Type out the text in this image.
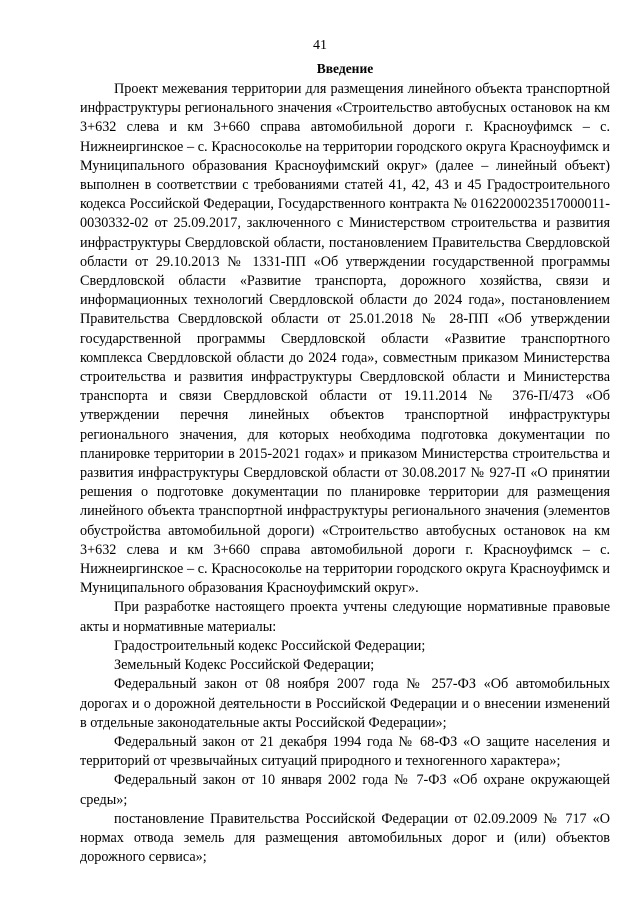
41
Введение

Проект межевания территории для размещения линейного объекта транспортной инфраструктуры регионального значения «Строительство автобусных остановок на км 3+632 слева и км 3+660 справа автомобильной дороги г. Красноуфимск – с. Нижнеиргинское – с. Красносоколье на территории городского округа Красноуфимск и Муниципального образования Красноуфимский округ» (далее – линейный объект) выполнен в соответствии с требованиями статей 41, 42, 43 и 45 Градостроительного кодекса Российской Федерации, Государственного контракта № 0162200023517000011-0030332-02 от 25.09.2017, заключенного с Министерством строительства и развития инфраструктуры Свердловской области, постановлением Правительства Свердловской области от 29.10.2013 № 1331-ПП «Об утверждении государственной программы Свердловской области «Развитие транспорта, дорожного хозяйства, связи и информационных технологий Свердловской области до 2024 года», постановлением Правительства Свердловской области от 25.01.2018 № 28-ПП «Об утверждении государственной программы Свердловской области «Развитие транспортного комплекса Свердловской области до 2024 года», совместным приказом Министерства строительства и развития инфраструктуры Свердловской области и Министерства транспорта и связи Свердловской области от 19.11.2014 № 376-П/473 «Об утверждении перечня линейных объектов транспортной инфраструктуры регионального значения, для которых необходима подготовка документации по планировке территории в 2015-2021 годах» и приказом Министерства строительства и развития инфраструктуры Свердловской области от 30.08.2017 № 927-П «О принятии решения о подготовке документации по планировке территории для размещения линейного объекта транспортной инфраструктуры регионального значения (элементов обустройства автомобильной дороги) «Строительство автобусных остановок на км 3+632 слева и км 3+660 справа автомобильной дороги г. Красноуфимск – с. Нижнеиргинское – с. Красносоколье на территории городского округа Красноуфимск и Муниципального образования Красноуфимский округ».

При разработке настоящего проекта учтены следующие нормативные правовые акты и нормативные материалы:

Градостроительный кодекс Российской Федерации;

Земельный Кодекс Российской Федерации;

Федеральный закон от 08 ноября 2007 года № 257-ФЗ «Об автомобильных дорогах и о дорожной деятельности в Российской Федерации и о внесении изменений в отдельные законодательные акты Российской Федерации»;

Федеральный закон от 21 декабря 1994 года № 68-ФЗ «О защите населения и территорий от чрезвычайных ситуаций природного и техногенного характера»;

Федеральный закон от 10 января 2002 года № 7-ФЗ «Об охране окружающей среды»;

постановление Правительства Российской Федерации от 02.09.2009 № 717 «О нормах отвода земель для размещения автомобильных дорог и (или) объектов дорожного сервиса»;
